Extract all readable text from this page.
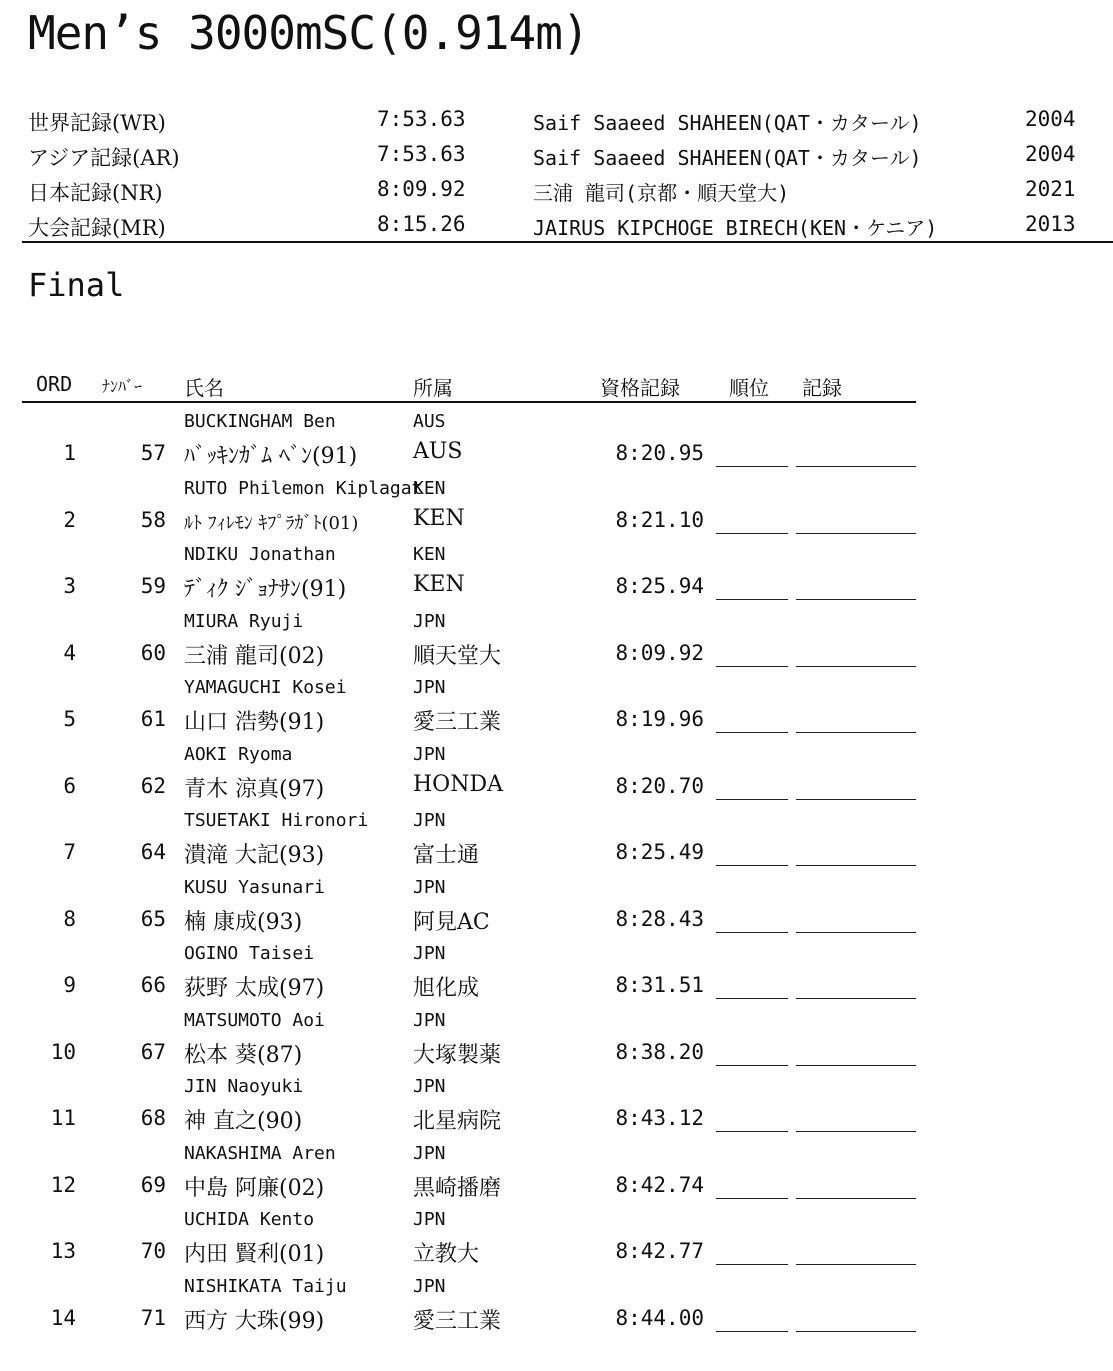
Men’s 3000mSC(0.914m)
世界記録(WR)	7:53.63	Saif Saaeed SHAHEEN(QAT・カタール)	2004
アジア記録(AR)	7:53.63	Saif Saaeed SHAHEEN(QAT・カタール)	2004
日本記録(NR)	8:09.92	三浦 龍司(京都・順天堂大)	2021
大会記録(MR)	8:15.26	JAIRUS KIPCHOGE BIRECH(KEN・ケニア)	2013
Final
ORD ﾅﾝﾊﾞｰ 氏名	所属	資格記録 順位 記録
BUCKINGHAM Ben	AUS
1	57 ﾊﾞｯｷﾝｶﾞﾑ ﾍﾞﾝ(91)	AUS	8:20.95
RUTO Philemon Kiplagat
KEN
2	58 ﾙﾄ ﾌｨﾚﾓﾝ ｷﾌﾟﾗｶﾞﾄ(01) KEN	8:21.10
NDIKU Jonathan	KEN
3	59 ﾃﾞｨｸ ｼﾞｮﾅｻﾝ(91)	KEN	8:25.94
MIURA Ryuji	JPN
4	60 三浦 龍司(02)	順天堂大	8:09.92
YAMAGUCHI Kosei	JPN
5	61 山口 浩勢(91)	愛三工業	8:19.96
AOKI Ryoma	JPN
6	62 青木 涼真(97)	HONDA	8:20.70
TSUETAKI Hironori JPN
7	64 潰滝 大記(93)	富士通	8:25.49
KUSU Yasunari	JPN
8	65 楠 康成(93)	阿見AC	8:28.43
OGINO Taisei	JPN
9	66 荻野 太成(97)	旭化成	8:31.51
MATSUMOTO Aoi	JPN
10	67 松本 葵(87)	大塚製薬	8:38.20
JIN Naoyuki	JPN
11	68 神 直之(90)	北星病院	8:43.12
NAKASHIMA Aren	JPN
12	69 中島 阿廉(02)	黒崎播磨	8:42.74
UCHIDA Kento	JPN
13	70 内田 賢利(01)	立教大	8:42.77
NISHIKATA Taiju	JPN
14	71 西方 大珠(99)	愛三工業	8:44.00
